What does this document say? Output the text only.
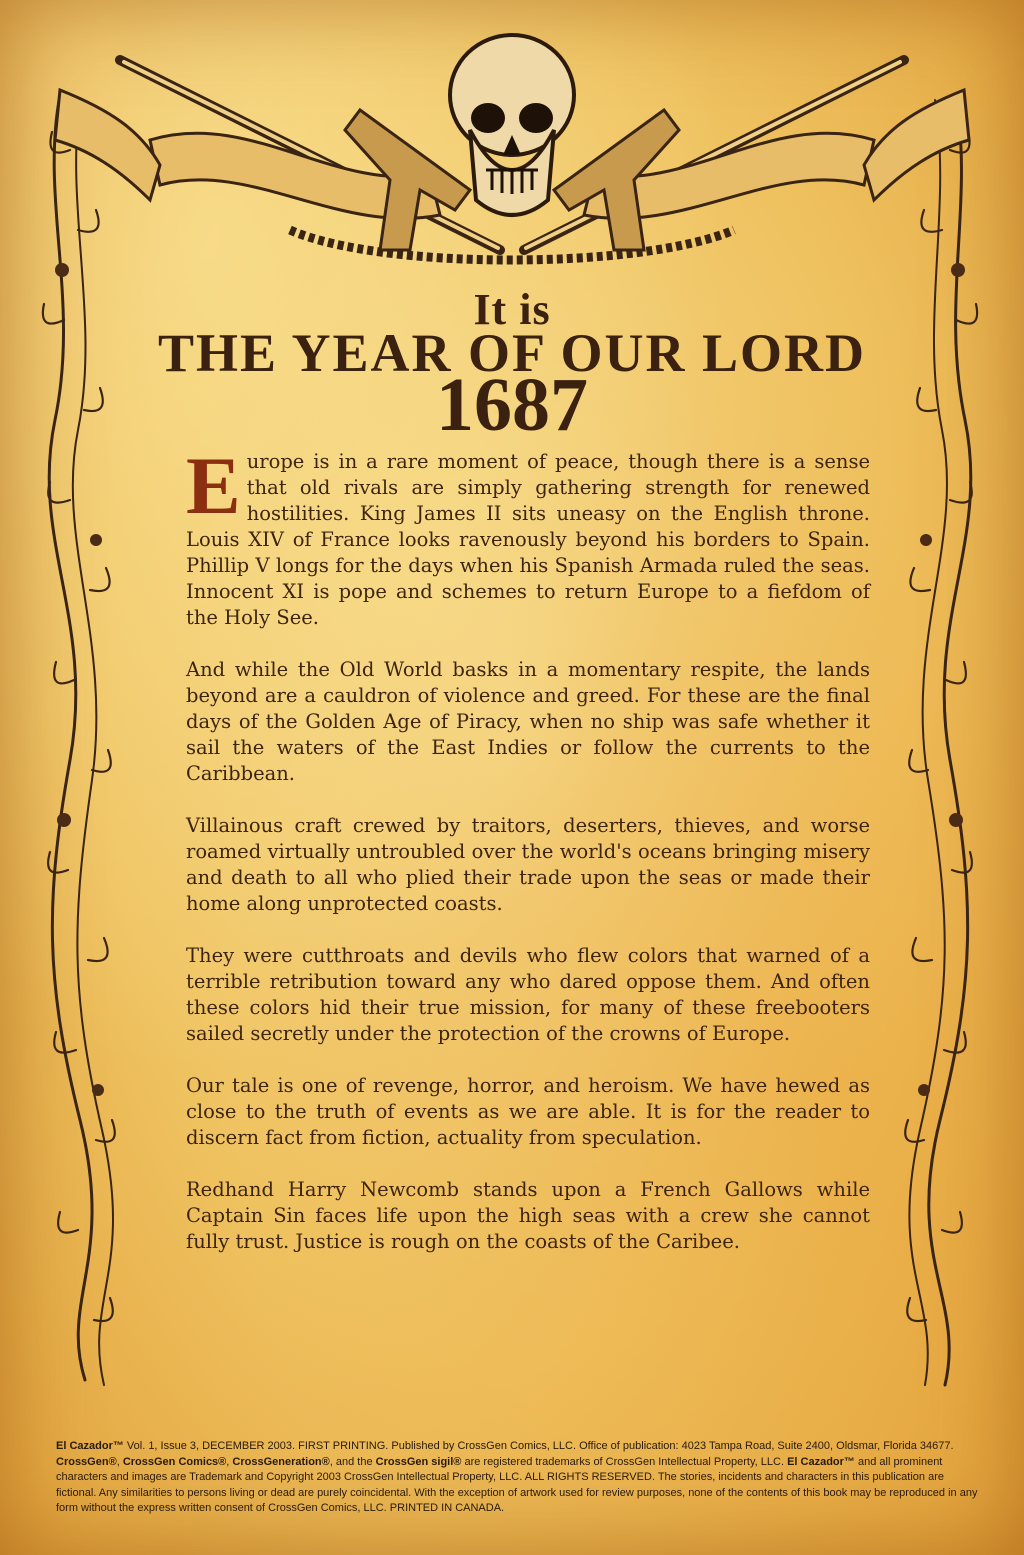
It is
THE YEAR OF OUR LORD
1687

Europe is in a rare moment of peace, though there is a sense that old rivals are simply gathering strength for renewed hostilities. King James II sits uneasy on the English throne. Louis XIV of France looks ravenously beyond his borders to Spain. Phillip V longs for the days when his Spanish Armada ruled the seas. Innocent XI is pope and schemes to return Europe to a fiefdom of the Holy See.

And while the Old World basks in a momentary respite, the lands beyond are a cauldron of violence and greed. For these are the final days of the Golden Age of Piracy, when no ship was safe whether it sail the waters of the East Indies or follow the currents to the Caribbean.

Villainous craft crewed by traitors, deserters, thieves, and worse roamed virtually untroubled over the world's oceans bringing misery and death to all who plied their trade upon the seas or made their home along unprotected coasts.

They were cutthroats and devils who flew colors that warned of a terrible retribution toward any who dared oppose them. And often these colors hid their true mission, for many of these freebooters sailed secretly under the protection of the crowns of Europe.

Our tale is one of revenge, horror, and heroism. We have hewed as close to the truth of events as we are able. It is for the reader to discern fact from fiction, actuality from speculation.

Redhand Harry Newcomb stands upon a French Gallows while Captain Sin faces life upon the high seas with a crew she cannot fully trust. Justice is rough on the coasts of the Caribee.

El Cazador™ Vol. 1, Issue 3, DECEMBER 2003. FIRST PRINTING. Published by CrossGen Comics, LLC. Office of publication: 4023 Tampa Road, Suite 2400, Oldsmar, Florida 34677. CrossGen®, CrossGen Comics®, CrossGeneration®, and the CrossGen sigil® are registered trademarks of CrossGen Intellectual Property, LLC. El Cazador™ and all prominent characters and images are Trademark and Copyright 2003 CrossGen Intellectual Property, LLC. ALL RIGHTS RESERVED. The stories, incidents and characters in this publication are fictional. Any similarities to persons living or dead are purely coincidental. With the exception of artwork used for review purposes, none of the contents of this book may be reproduced in any form without the express written consent of CrossGen Comics, LLC. PRINTED IN CANADA.
